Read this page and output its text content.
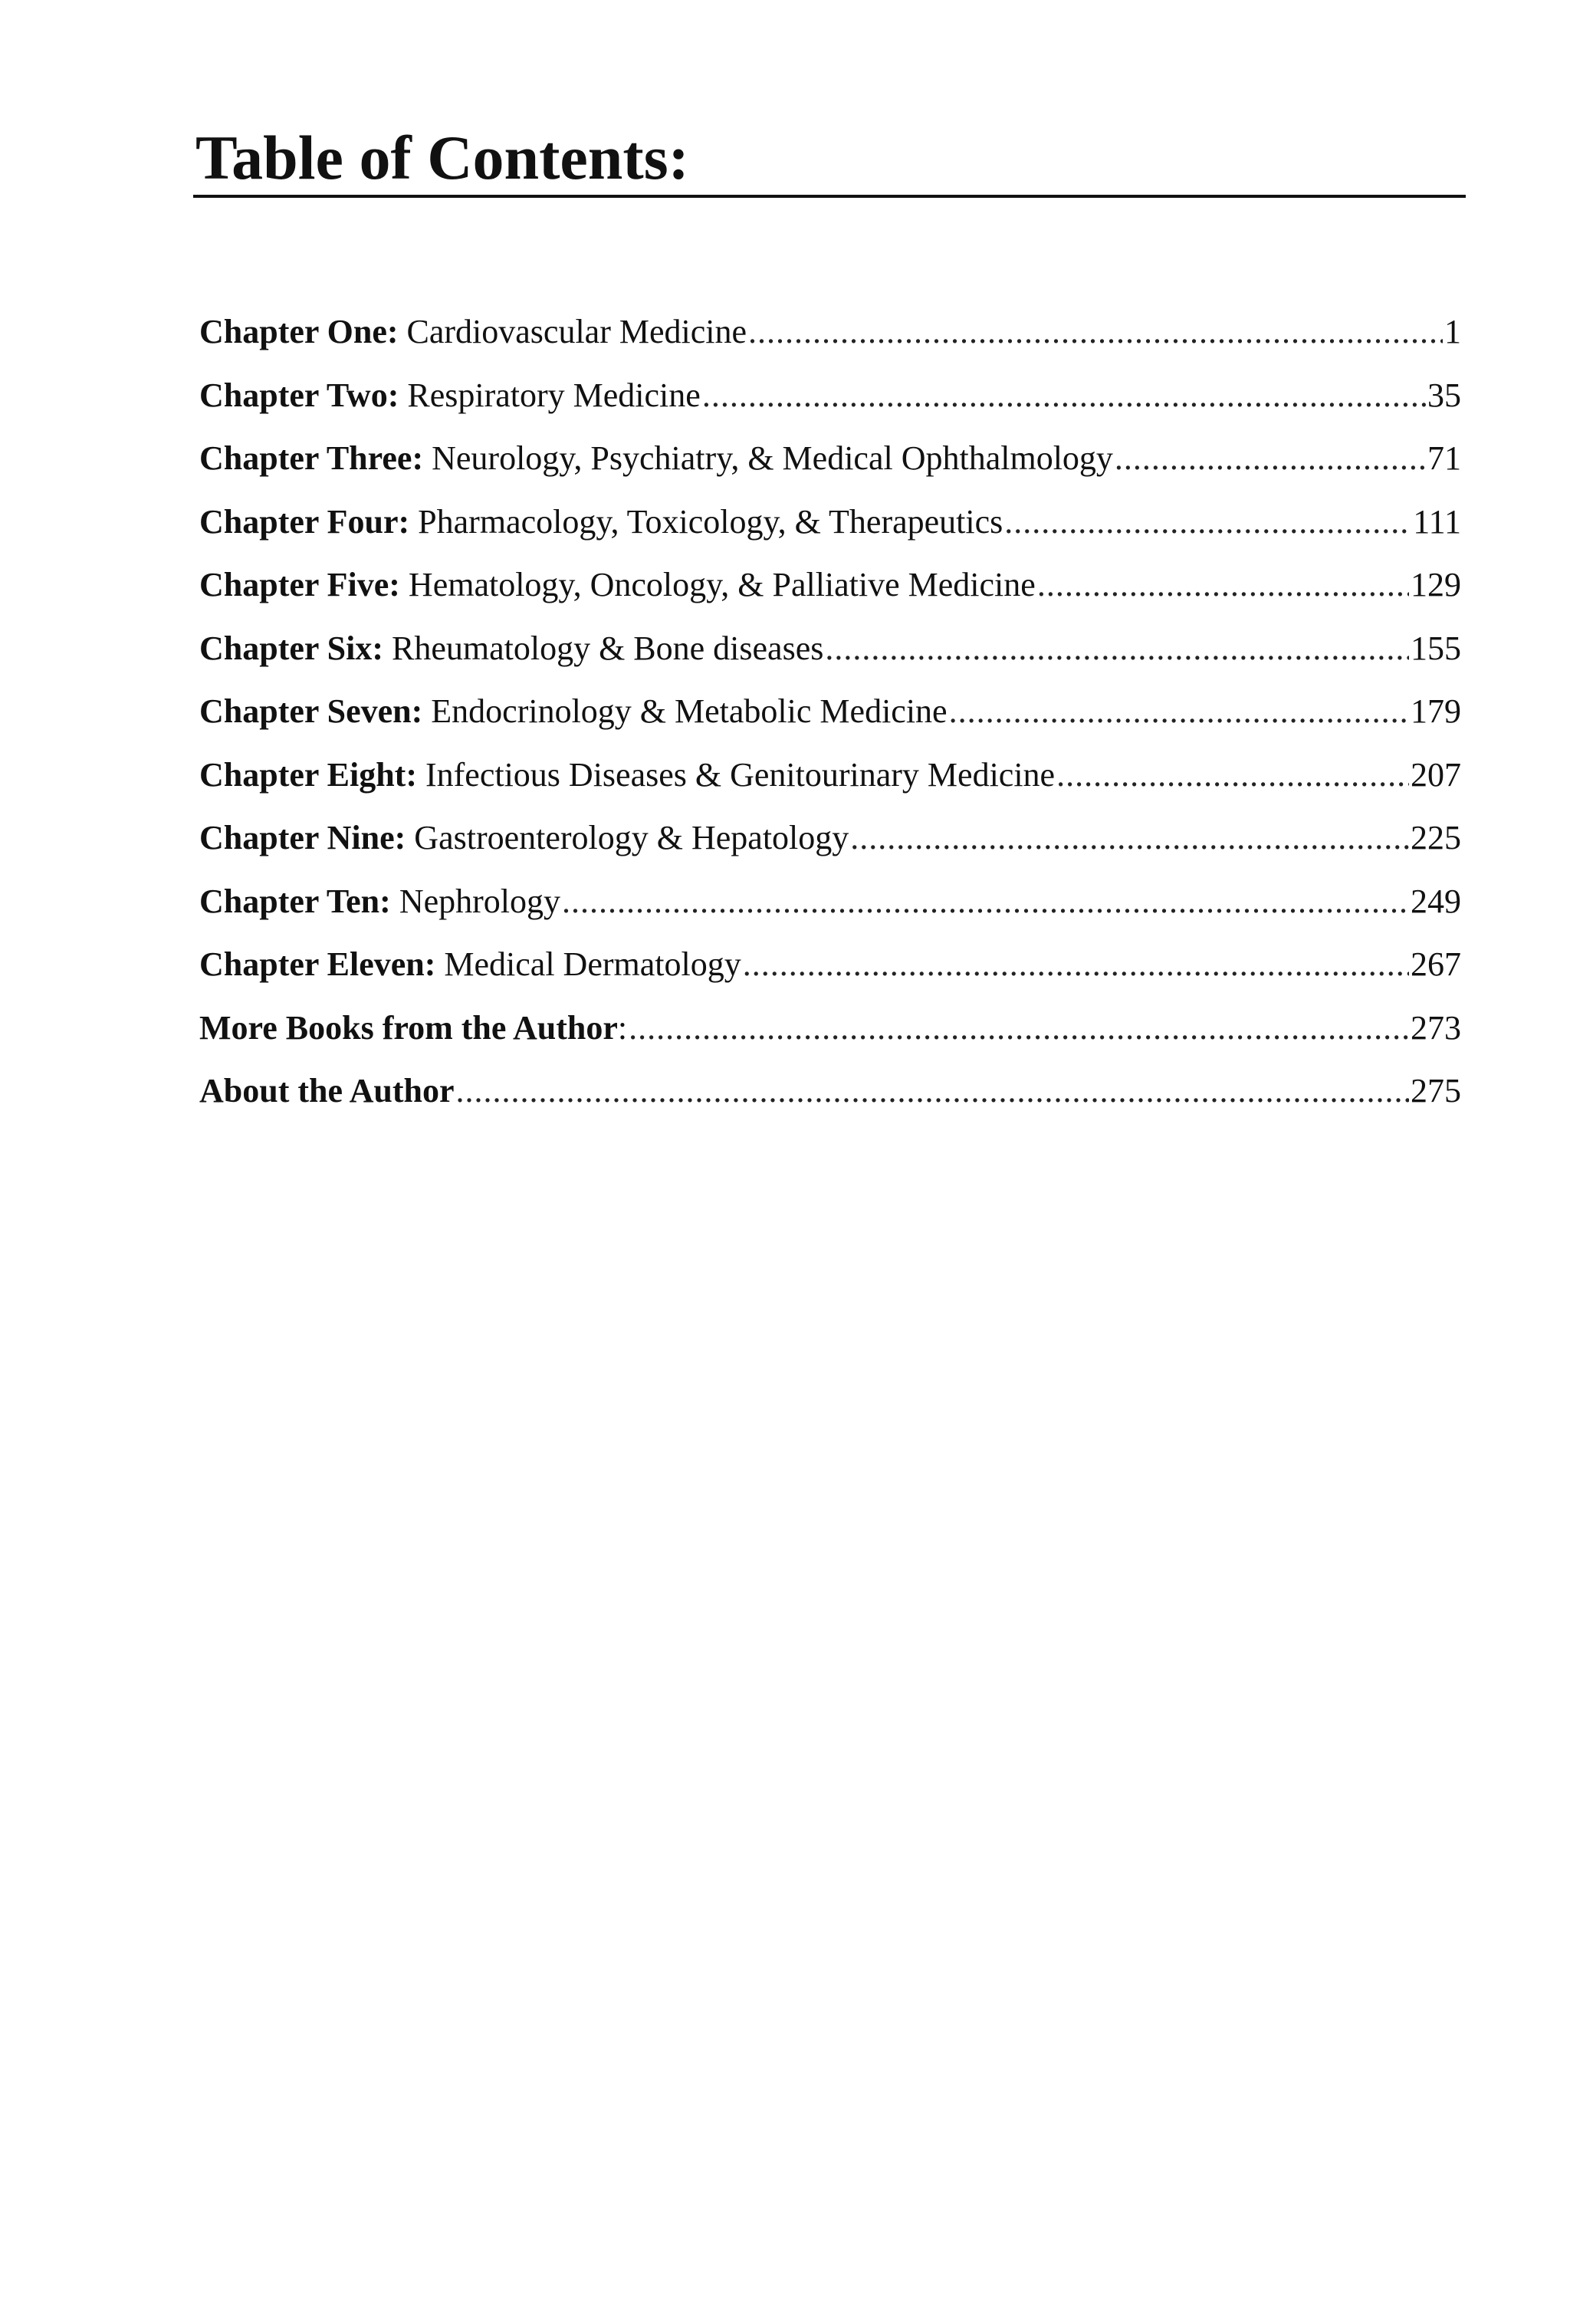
Table of Contents:
Chapter One: Cardiovascular Medicine .....	1
Chapter Two: Respiratory Medicine .....	35
Chapter Three: Neurology, Psychiatry, & Medical Ophthalmology .....	71
Chapter Four: Pharmacology, Toxicology, & Therapeutics .....	111
Chapter Five: Hematology, Oncology, & Palliative Medicine .....	129
Chapter Six: Rheumatology & Bone diseases .....	155
Chapter Seven: Endocrinology & Metabolic Medicine .....	179
Chapter Eight: Infectious Diseases & Genitourinary Medicine .....	207
Chapter Nine: Gastroenterology & Hepatology .....	225
Chapter Ten: Nephrology .....	249
Chapter Eleven: Medical Dermatology .....	267
More Books from the Author: .....	273
About the Author .....	275
